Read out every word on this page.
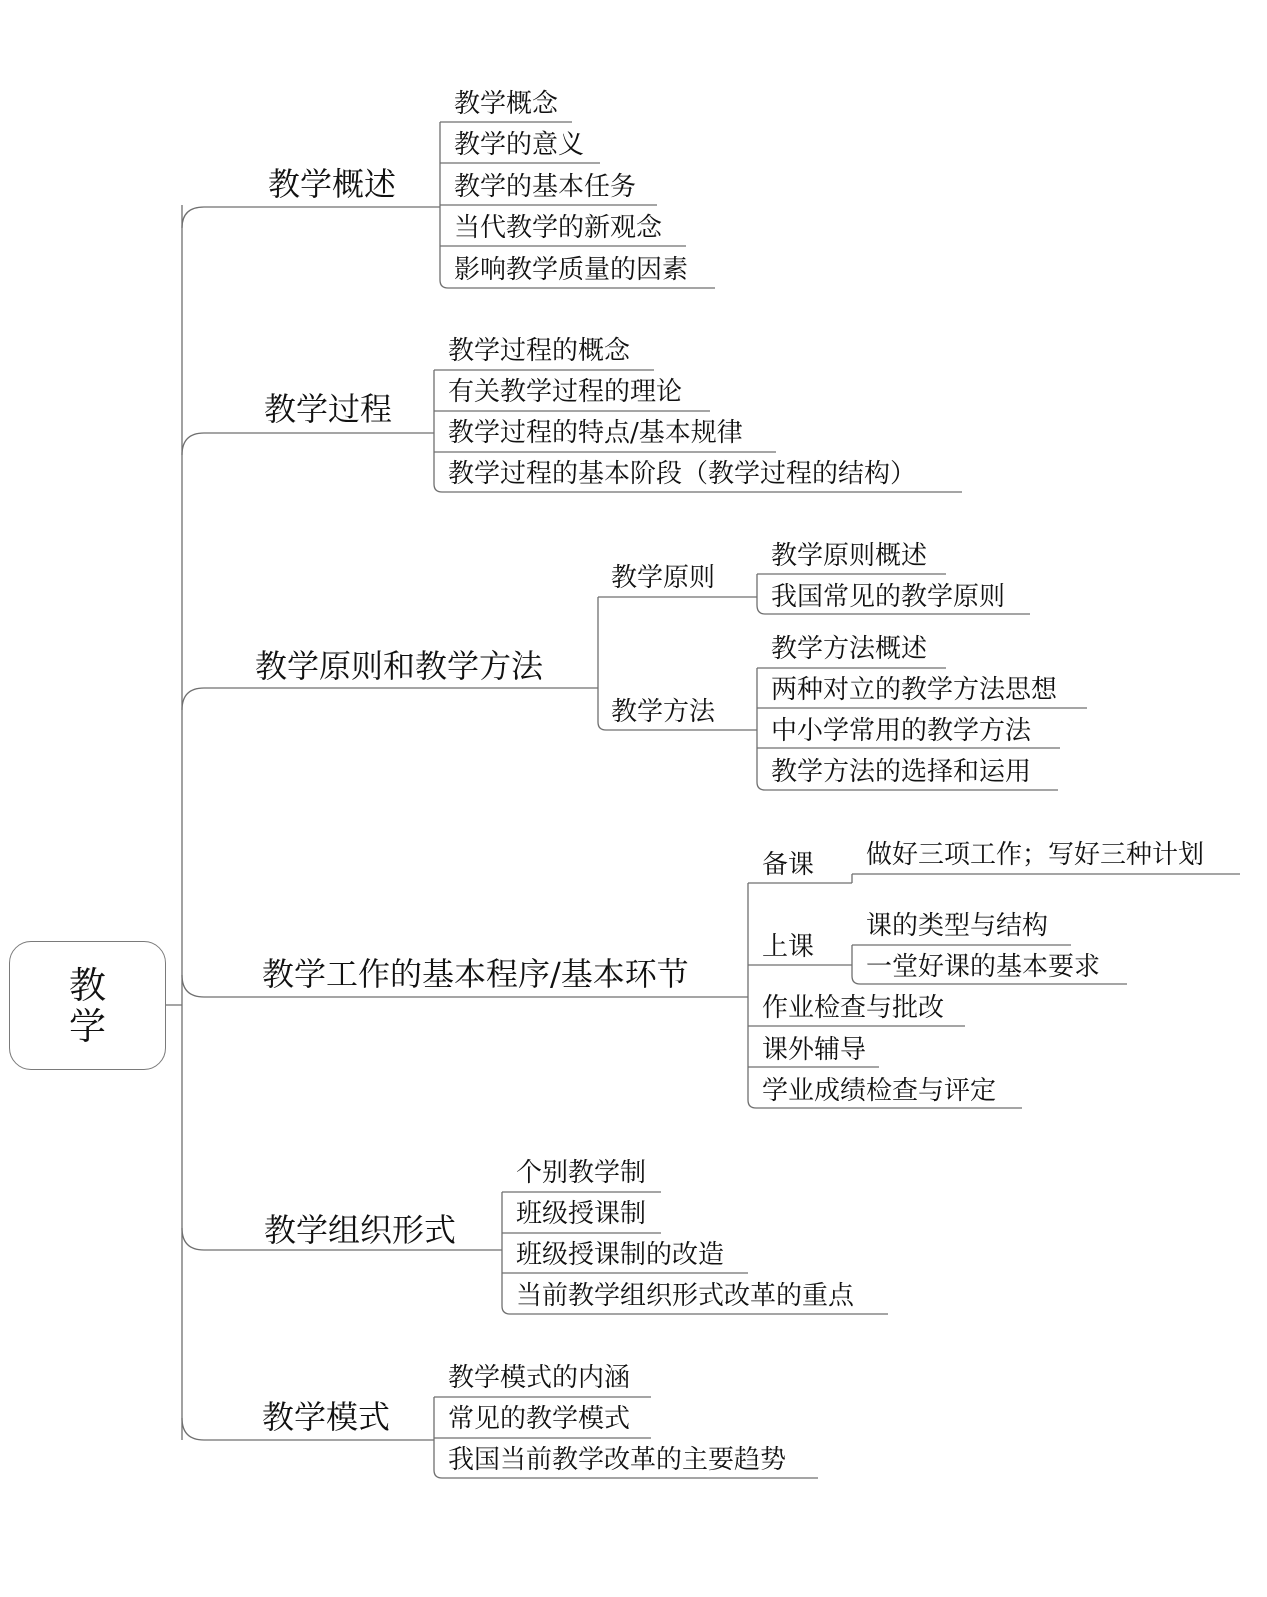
教
学
教学概述
教学概念
教学的意义
教学的基本任务
当代教学的新观念
影响教学质量的因素
教学过程
教学过程的概念
有关教学过程的理论
教学过程的特点/基本规律
教学过程的基本阶段（教学过程的结构）
教学原则和教学方法
教学原则
教学原则概述
我国常见的教学原则
教学方法
教学方法概述
两种对立的教学方法思想
中小学常用的教学方法
教学方法的选择和运用
教学工作的基本程序/基本环节
备课 做好三项工作；写好三种计划
上课
课的类型与结构
一堂好课的基本要求
作业检查与批改
课外辅导
学业成绩检查与评定
教学组织形式
个别教学制
班级授课制
班级授课制的改造
当前教学组织形式改革的重点
教学模式
教学模式的内涵
常见的教学模式
我国当前教学改革的主要趋势
